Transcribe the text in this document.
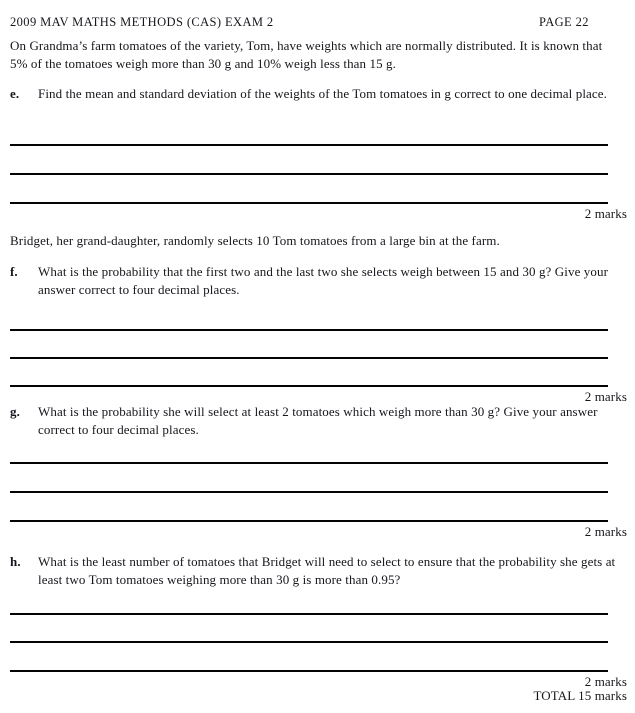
2009 MAV MATHS METHODS (CAS) EXAM 2	PAGE 22
On Grandma’s farm tomatoes of the variety, Tom, have weights which are normally distributed. It is known that 5% of the tomatoes weigh more than 30 g and 10% weigh less than 15 g.
e.	Find the mean and standard deviation of the weights of the Tom tomatoes in g correct to one decimal place.
2 marks
Bridget, her grand-daughter, randomly selects 10 Tom tomatoes from a large bin at the farm.
f.	What is the probability that the first two and the last two she selects weigh between 15 and 30 g? Give your answer correct to four decimal places.
2 marks
g.	What is the probability she will select at least 2 tomatoes which weigh more than 30 g? Give your answer correct to four decimal places.
2 marks
h.	What is the least number of tomatoes that Bridget will need to select to ensure that the probability she gets at least two Tom tomatoes weighing more than 30 g is more than 0.95?
2 marks
TOTAL 15 marks
